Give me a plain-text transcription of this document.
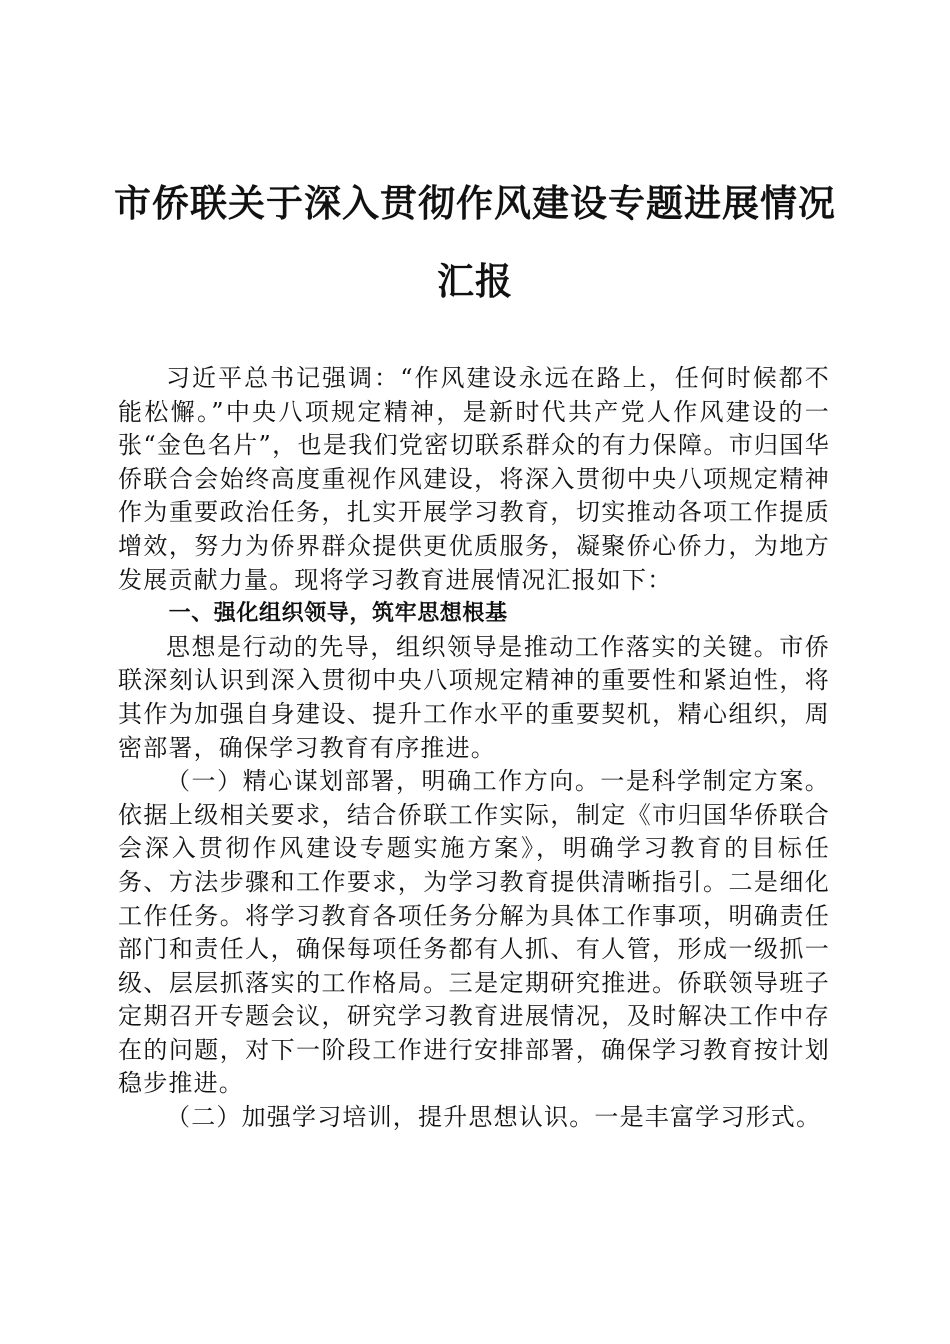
市侨联关于深入贯彻作风建设专题进展情况汇报

习近平总书记强调：“作风建设永远在路上，任何时候都不能松懈。”中央八项规定精神，是新时代共产党人作风建设的一张“金色名片”，也是我们党密切联系群众的有力保障。市归国华侨联合会始终高度重视作风建设，将深入贯彻中央八项规定精神作为重要政治任务，扎实开展学习教育，切实推动各项工作提质增效，努力为侨界群众提供更优质服务，凝聚侨心侨力，为地方发展贡献力量。现将学习教育进展情况汇报如下：

一、强化组织领导，筑牢思想根基

思想是行动的先导，组织领导是推动工作落实的关键。市侨联深刻认识到深入贯彻中央八项规定精神的重要性和紧迫性，将其作为加强自身建设、提升工作水平的重要契机，精心组织，周密部署，确保学习教育有序推进。

（一）精心谋划部署，明确工作方向。一是科学制定方案。依据上级相关要求，结合侨联工作实际，制定《市归国华侨联合会深入贯彻作风建设专题实施方案》，明确学习教育的目标任务、方法步骤和工作要求，为学习教育提供清晰指引。二是细化工作任务。将学习教育各项任务分解为具体工作事项，明确责任部门和责任人，确保每项任务都有人抓、有人管，形成一级抓一级、层层抓落实的工作格局。三是定期研究推进。侨联领导班子定期召开专题会议，研究学习教育进展情况，及时解决工作中存在的问题，对下一阶段工作进行安排部署，确保学习教育按计划稳步推进。

（二）加强学习培训，提升思想认识。一是丰富学习形式。
